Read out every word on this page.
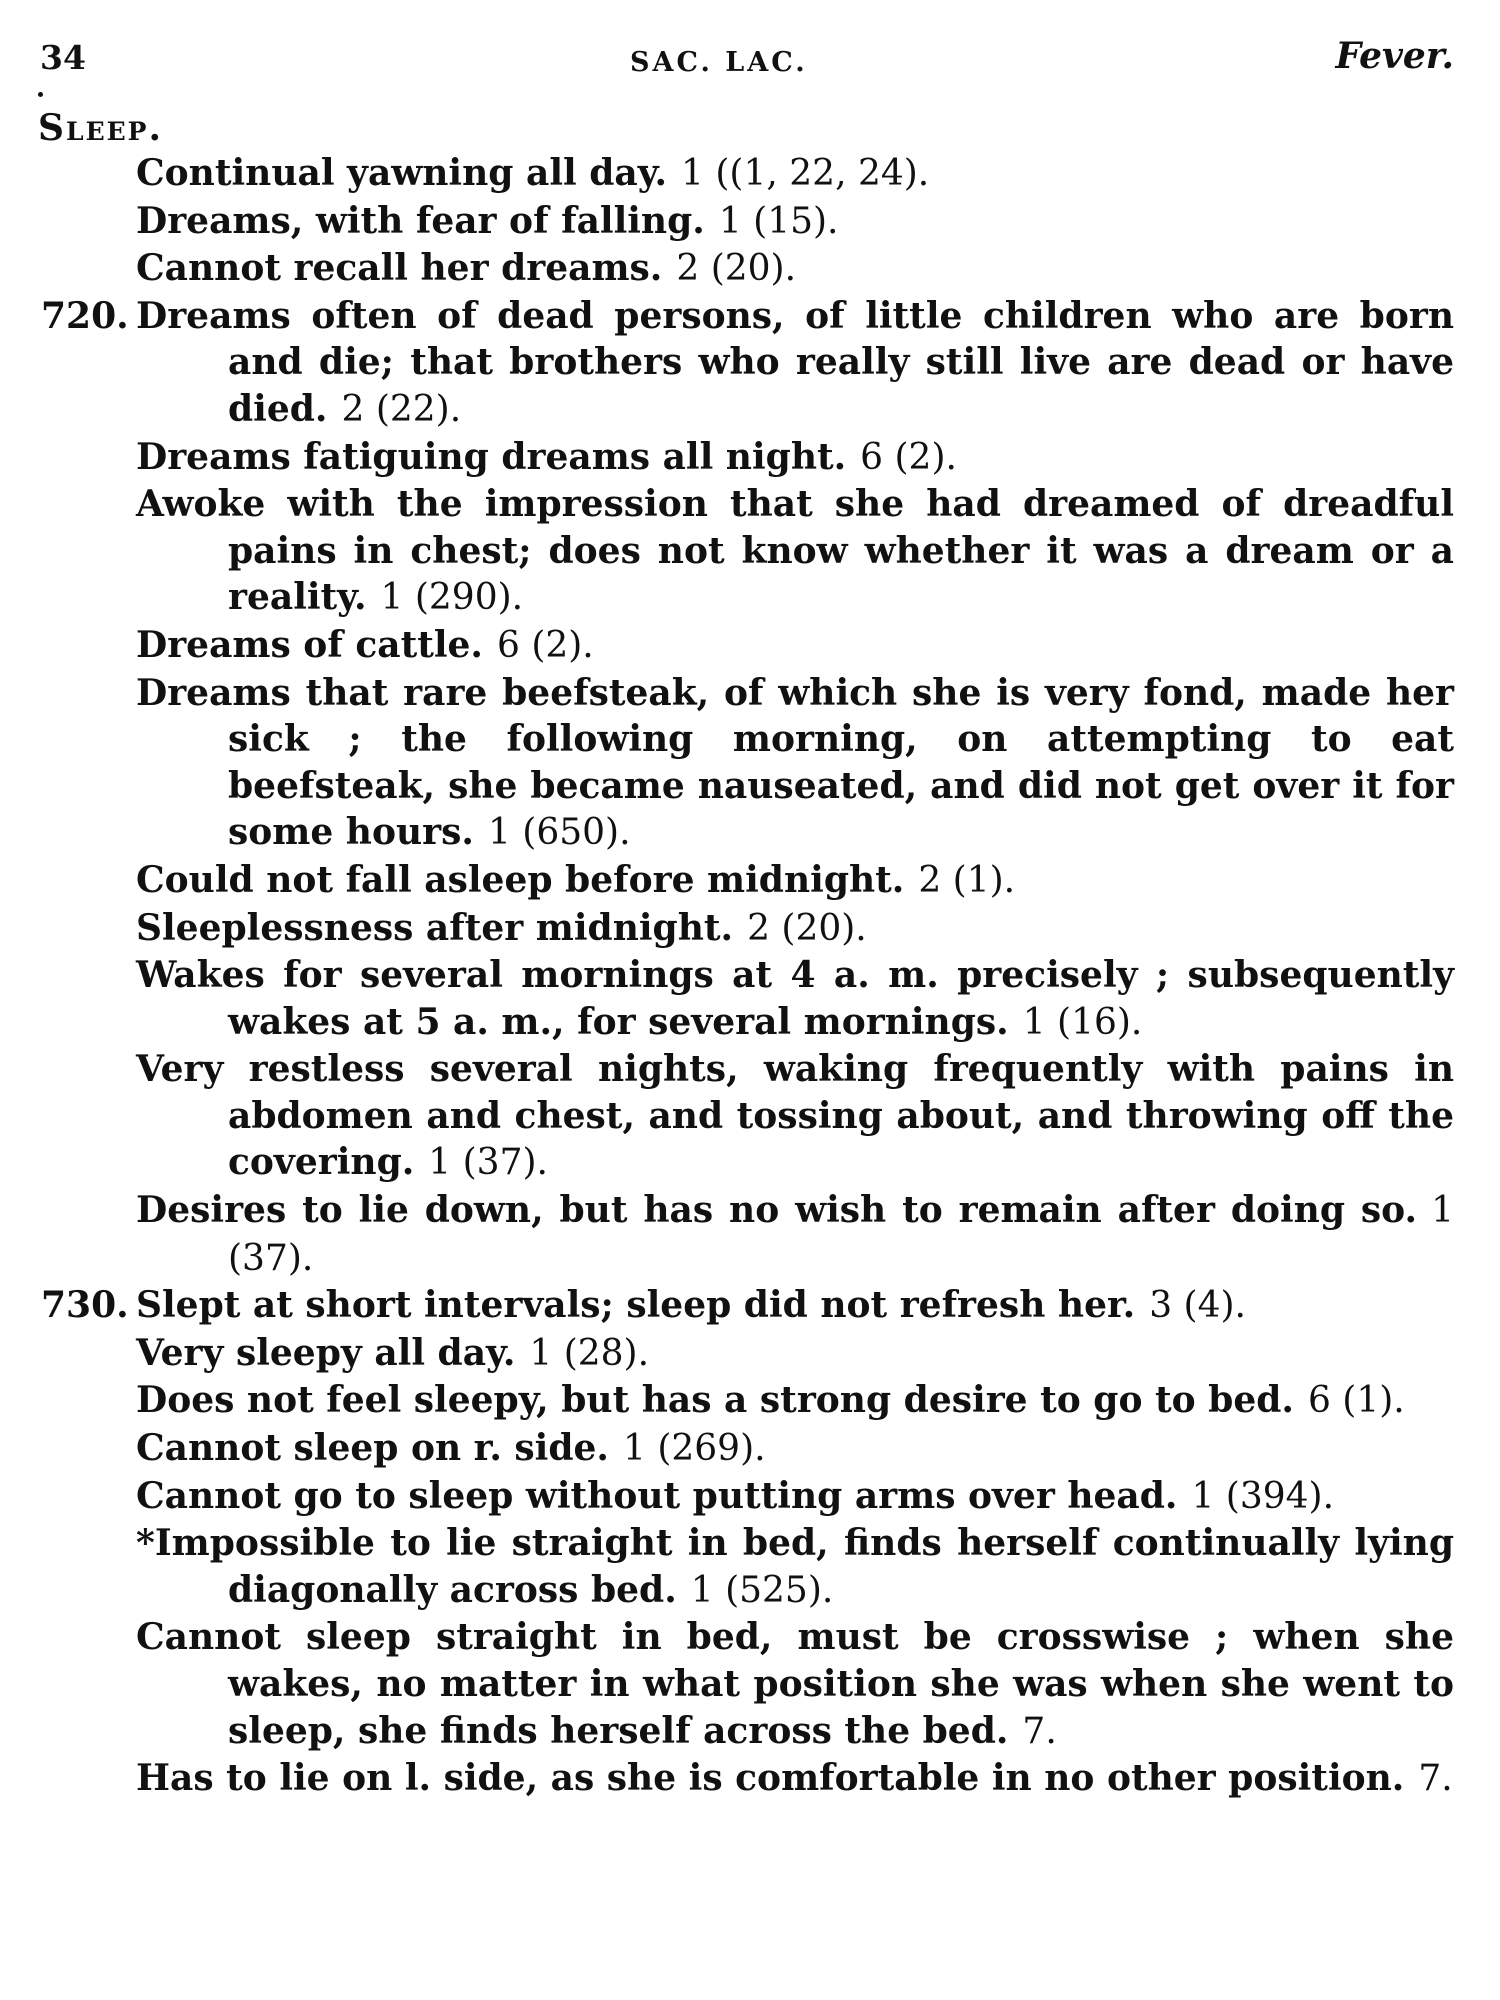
34	SAC. LAC.	Fever.
Sleep.
Continual yawning all day. 1 ((1, 22, 24).
Dreams, with fear of falling. 1 (15).
Cannot recall her dreams. 2 (20).
720. Dreams often of dead persons, of little children who are born and die; that brothers who really still live are dead or have died. 2 (22).
Dreams fatiguing dreams all night. 6 (2).
Awoke with the impression that she had dreamed of dreadful pains in chest; does not know whether it was a dream or a reality. 1 (290).
Dreams of cattle. 6 (2).
Dreams that rare beefsteak, of which she is very fond, made her sick ; the following morning, on attempting to eat beefsteak, she became nauseated, and did not get over it for some hours. 1 (650).
Could not fall asleep before midnight. 2 (1).
Sleeplessness after midnight. 2 (20).
Wakes for several mornings at 4 a. m. precisely ; subsequently wakes at 5 a. m., for several mornings. 1 (16).
Very restless several nights, waking frequently with pains in abdomen and chest, and tossing about, and throwing off the covering. 1 (37).
Desires to lie down, but has no wish to remain after doing so. 1 (37).
730. Slept at short intervals; sleep did not refresh her. 3 (4).
Very sleepy all day. 1 (28).
Does not feel sleepy, but has a strong desire to go to bed. 6 (1).
Cannot sleep on r. side. 1 (269).
Cannot go to sleep without putting arms over head. 1 (394).
*Impossible to lie straight in bed, finds herself continually lying diagonally across bed. 1 (525).
Cannot sleep straight in bed, must be crosswise ; when she wakes, no matter in what position she was when she went to sleep, she finds herself across the bed. 7.
Has to lie on l. side, as she is comfortable in no other position. 7.
